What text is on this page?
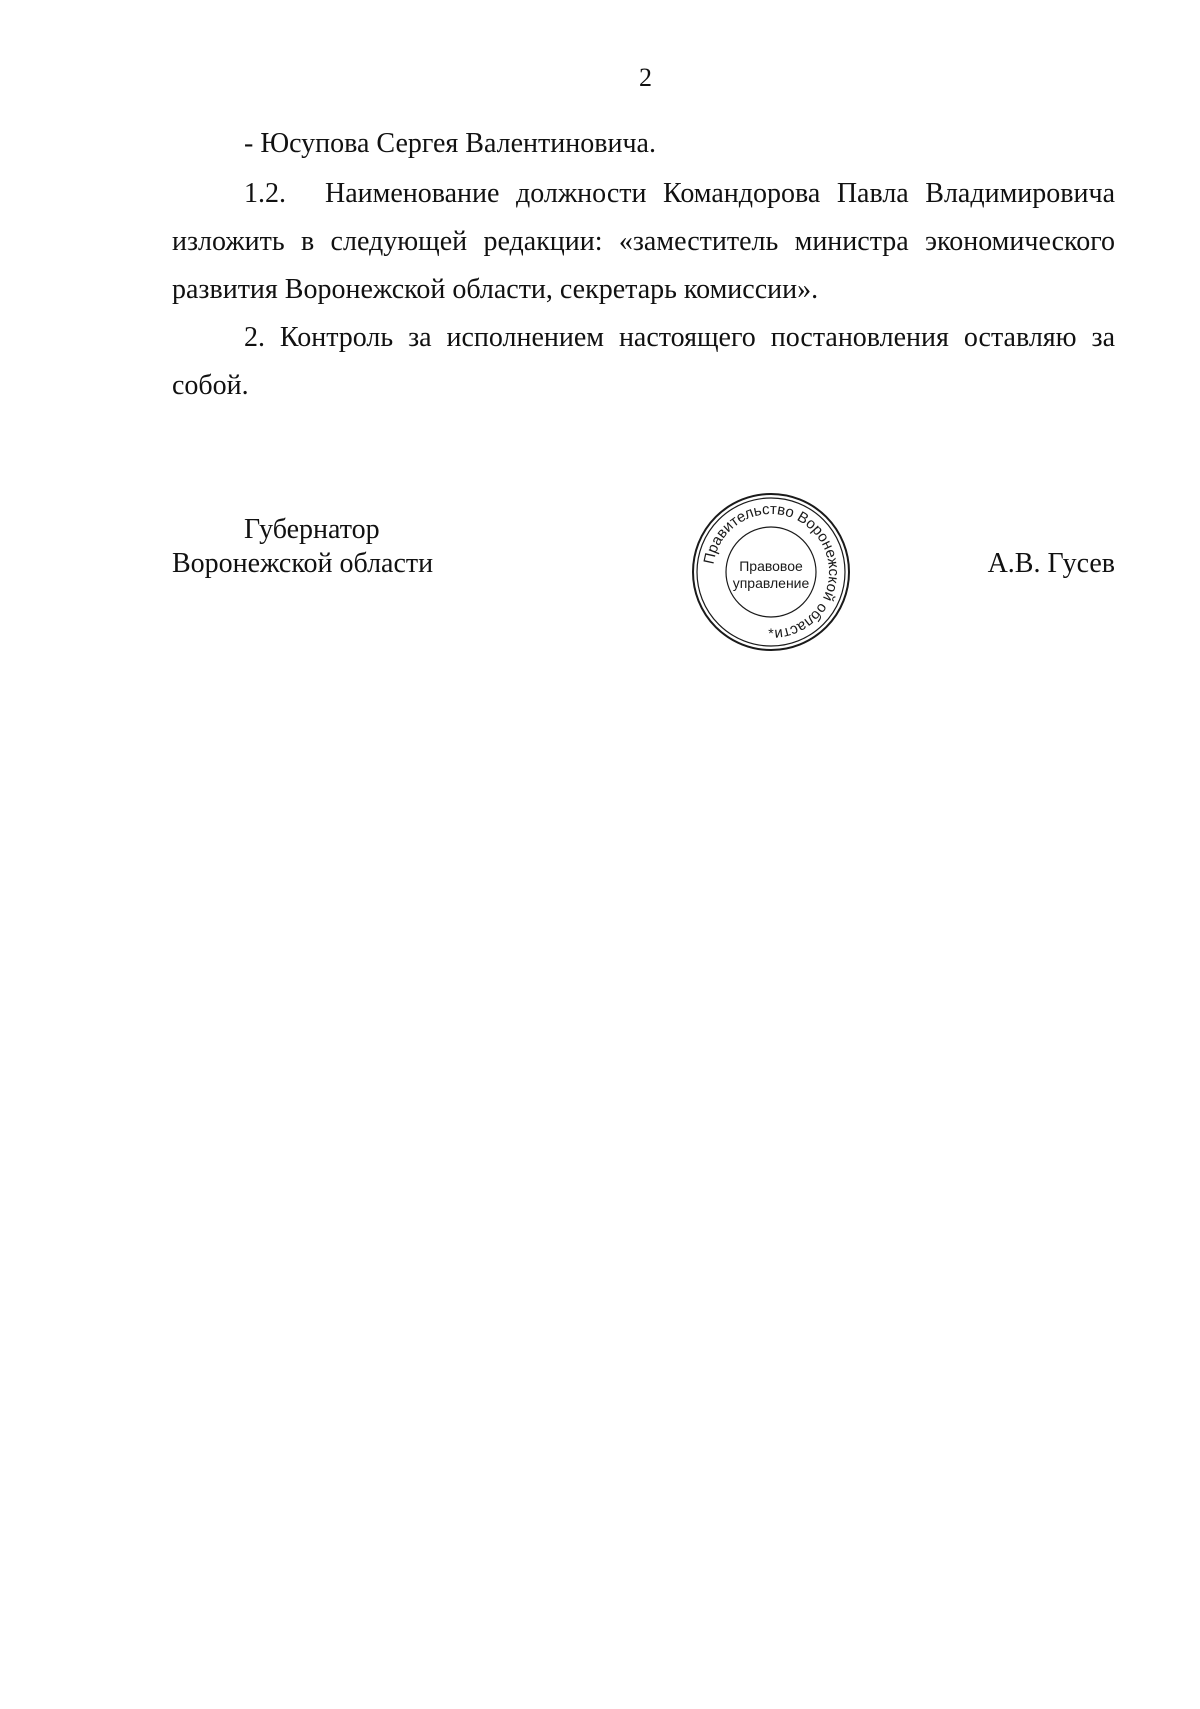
2

- Юсупова Сергея Валентиновича.

1.2. Наименование должности Командорова Павла Владимировича изложить в следующей редакции: «заместитель министра экономического развития Воронежской области, секретарь комиссии».

2. Контроль за исполнением настоящего постановления оставляю за собой.

Губернатор
Воронежской области	Правительство Воронежской области
Правовое
управление
*
А.В. Гусев
